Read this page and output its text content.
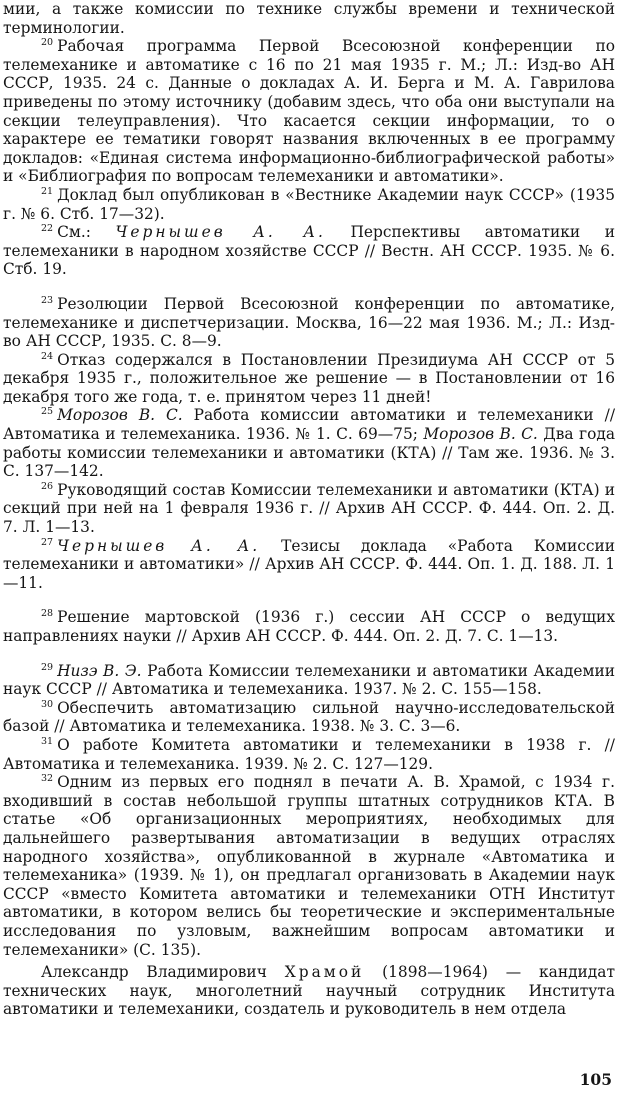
мии, а также комиссии по технике службы времени и технической терминологии.

$^{20}$ Рабочая программа Первой Всесоюзной конференции по телемеханике и автоматике с 16 по 21 мая 1935 г. М.; Л.: Изд-во АН СССР, 1935. 24 с. Данные о докладах А. И. Берга и М. А. Гаврилова приведены по этому источнику (добавим здесь, что оба они выступали на секции телеуправления). Что касается секции информации, то о характере ее тематики говорят названия включенных в ее программу докладов: «Единая система информационно-библиографической работы» и «Библиография по вопросам телемеханики и автоматики».

$^{21}$ Доклад был опубликован в «Вестнике Академии наук СССР» (1935 г. № 6. Стб. 17—32).

$^{22}$ См.: Чернышев А. А. Перспективы автоматики и телемеханики в народном хозяйстве СССР // Вестн. АН СССР. 1935. № 6. Стб. 19.

$^{23}$ Резолюции Первой Всесоюзной конференции по автоматике, телемеханике и диспетчеризации. Москва, 16—22 мая 1936. М.; Л.: Изд-во АН СССР, 1935. С. 8—9.

$^{24}$ Отказ содержался в Постановлении Президиума АН СССР от 5 декабря 1935 г., положительное же решение — в Постановлении от 16 декабря того же года, т. е. принятом через 11 дней!

$^{25}$ Морозов В. С. Работа комиссии автоматики и телемеханики // Автоматика и телемеханика. 1936. № 1. С. 69—75; Морозов В. С. Два года работы комиссии телемеханики и автоматики (КТА) // Там же. 1936. № 3. С. 137—142.

$^{26}$ Руководящий состав Комиссии телемеханики и автоматики (КТА) и секций при ней на 1 февраля 1936 г. // Архив АН СССР. Ф. 444. Оп. 2. Д. 7. Л. 1—13.

$^{27}$ Чернышев А. А. Тезисы доклада «Работа Комиссии телемеханики и автоматики» // Архив АН СССР. Ф. 444. Оп. 1. Д. 188. Л. 1—11.

$^{28}$ Решение мартовской (1936 г.) сессии АН СССР о ведущих направлениях науки // Архив АН СССР. Ф. 444. Оп. 2. Д. 7. С. 1—13.

$^{29}$ Низэ В. Э. Работа Комиссии телемеханики и автоматики Академии наук СССР // Автоматика и телемеханика. 1937. № 2. С. 155—158.

$^{30}$ Обеспечить автоматизацию сильной научно-исследовательской базой // Автоматика и телемеханика. 1938. № 3. С. 3—6.

$^{31}$ О работе Комитета автоматики и телемеханики в 1938 г. // Автоматика и телемеханика. 1939. № 2. С. 127—129.

$^{32}$ Одним из первых его поднял в печати А. В. Храмой, с 1934 г. входивший в состав небольшой группы штатных сотрудников КТА. В статье «Об организационных мероприятиях, необходимых для дальнейшего развертывания автоматизации в ведущих отраслях народного хозяйства», опубликованной в журнале «Автоматика и телемеханика» (1939. № 1), он предлагал организовать в Академии наук СССР «вместо Комитета автоматики и телемеханики ОТН Институт автоматики, в котором велись бы теоретические и экспериментальные исследования по узловым, важнейшим вопросам автоматики и телемеханики» (С. 135).

Александр Владимирович Храмой (1898—1964) — кандидат технических наук, многолетний научный сотрудник Института автоматики и телемеханики, создатель и руководитель в нем отдела

105
